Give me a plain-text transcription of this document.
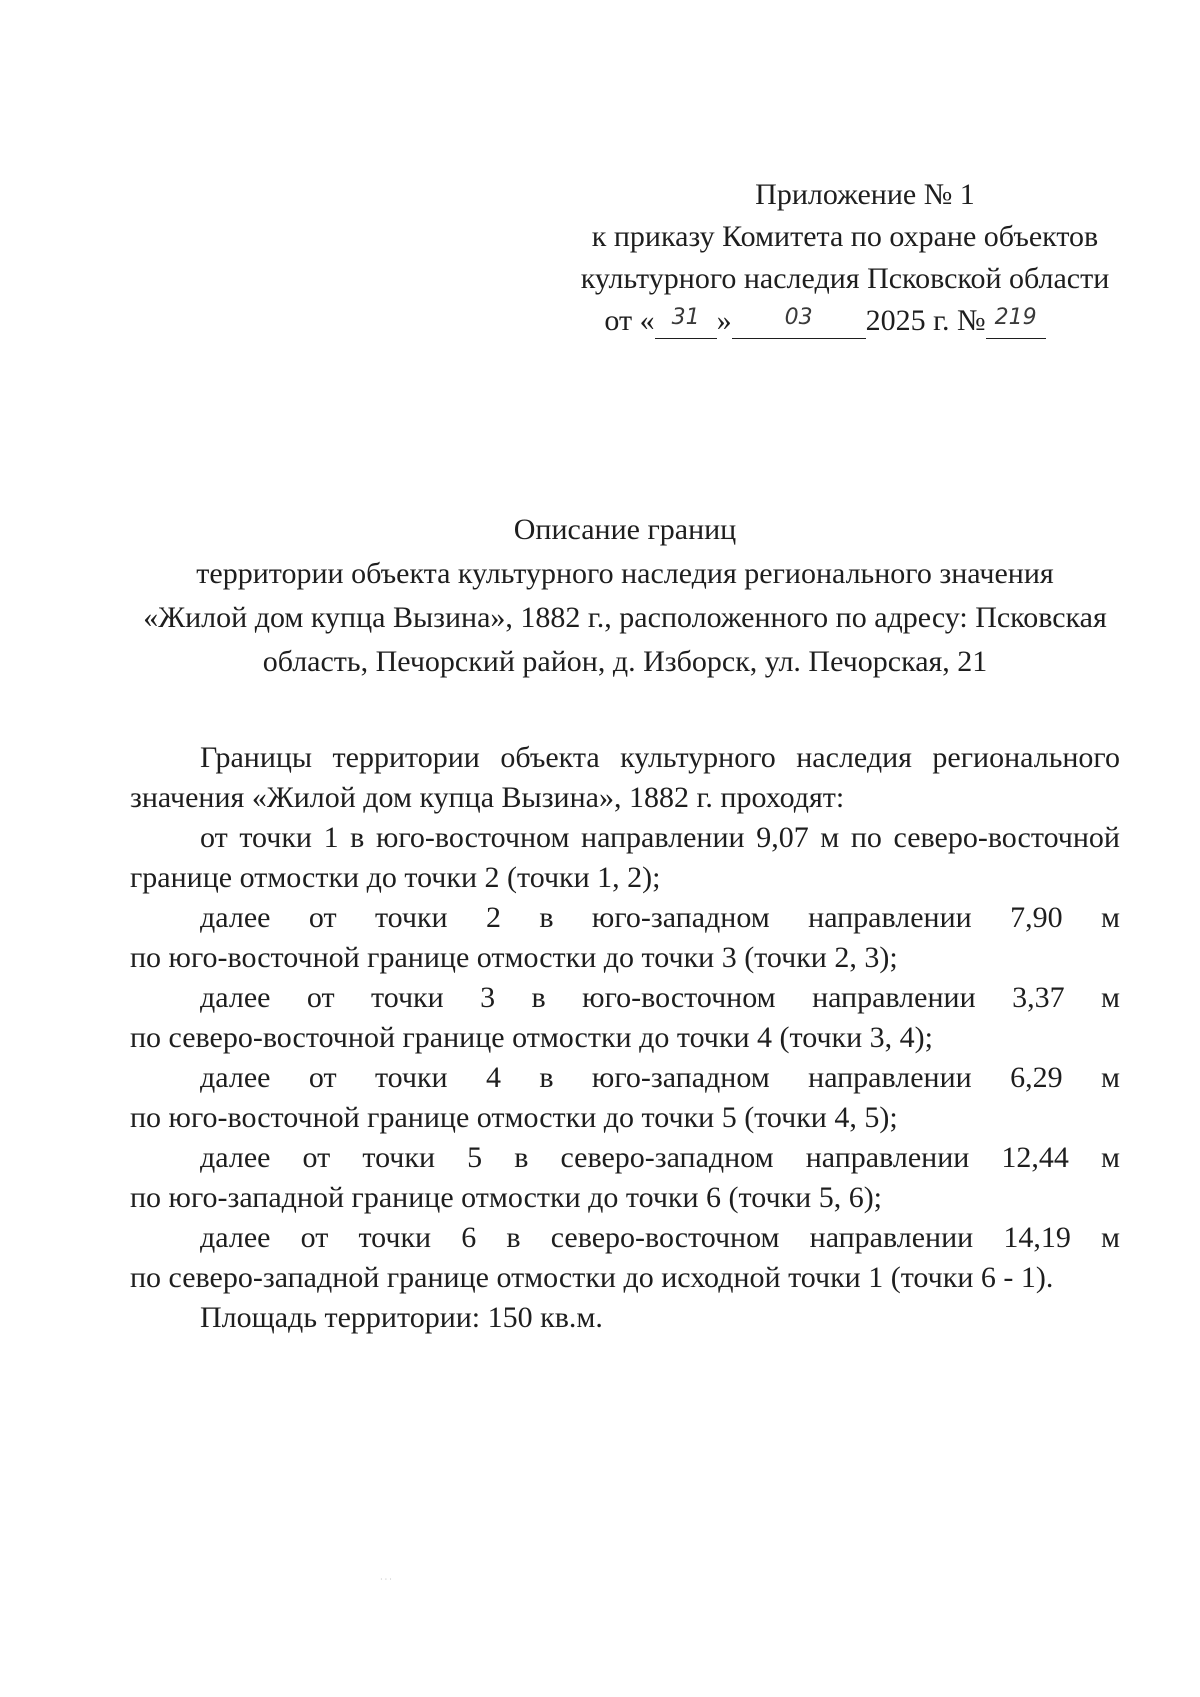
Приложение № 1
к приказу Комитета по охране объектов
культурного наследия Псковской области
от « $^{31}$ » $^{03}$ 2025 г. № $^{219}$
Описание границ
территории объекта культурного наследия регионального значения
«Жилой дом купца Вызина», 1882 г., расположенного по адресу: Псковская
область, Печорский район, д. Изборск, ул. Печорская, 21

Границы территории объекта культурного наследия регионального значения «Жилой дом купца Вызина», 1882 г. проходят:

от точки 1 в юго-восточном направлении 9,07 м по северо-восточной границе отмостки до точки 2 (точки 1, 2);

далее от точки 2 в юго-западном направлении 7,90 м
по юго-восточной границе отмостки до точки 3 (точки 2, 3);
далее от точки 3 в юго-восточном направлении 3,37 м
по северо-восточной границе отмостки до точки 4 (точки 3, 4);
далее от точки 4 в юго-западном направлении 6,29 м
по юго-восточной границе отмостки до точки 5 (точки 4, 5);
далее от точки 5 в северо-западном направлении 12,44 м
по юго-западной границе отмостки до точки 6 (точки 5, 6);
далее от точки 6 в северо-восточном направлении 14,19 м
по северо-западной границе отмостки до исходной точки 1 (точки 6 - 1).

Площадь территории: 150 кв.м.

·‧·
